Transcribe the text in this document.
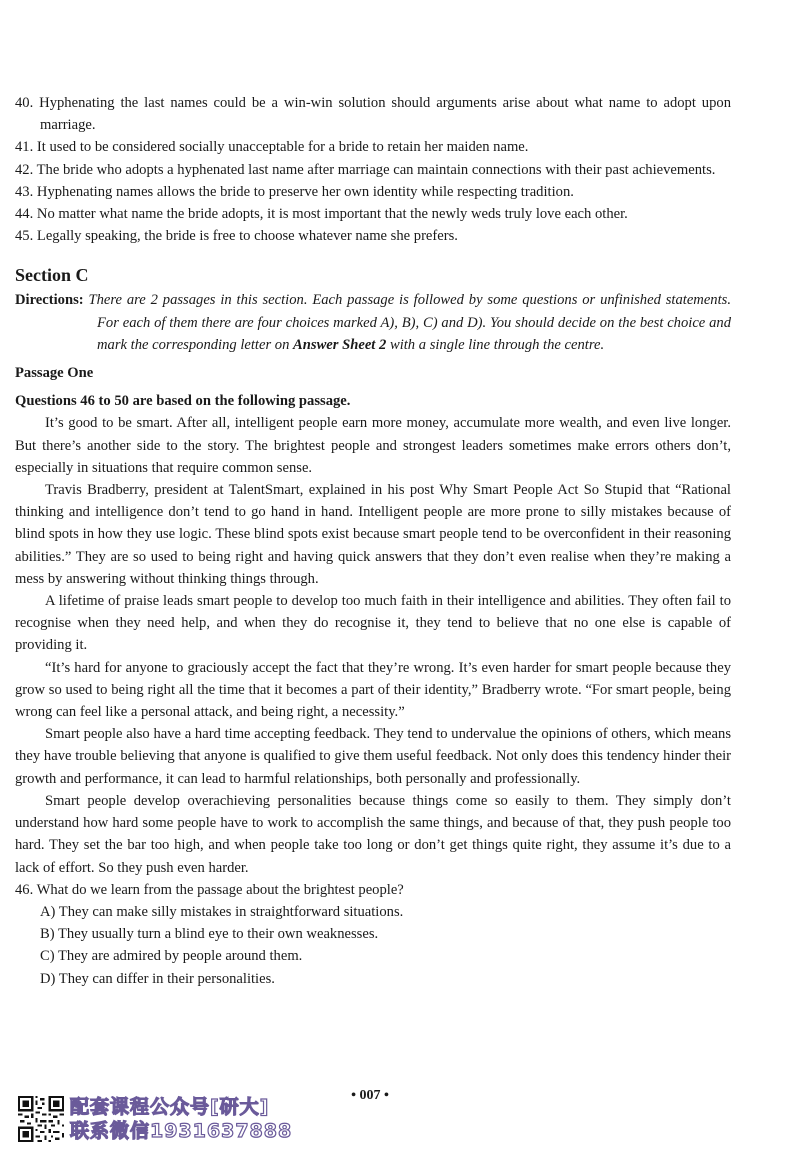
40. Hyphenating the last names could be a win-win solution should arguments arise about what name to adopt upon marriage.
41. It used to be considered socially unacceptable for a bride to retain her maiden name.
42. The bride who adopts a hyphenated last name after marriage can maintain connections with their past achievements.
43. Hyphenating names allows the bride to preserve her own identity while respecting tradition.
44. No matter what name the bride adopts, it is most important that the newly weds truly love each other.
45. Legally speaking, the bride is free to choose whatever name she prefers.
Section C
Directions: There are 2 passages in this section. Each passage is followed by some questions or unfinished statements. For each of them there are four choices marked A), B), C) and D). You should decide on the best choice and mark the corresponding letter on Answer Sheet 2 with a single line through the centre.
Passage One
Questions 46 to 50 are based on the following passage.
It’s good to be smart. After all, intelligent people earn more money, accumulate more wealth, and even live longer. But there’s another side to the story. The brightest people and strongest leaders sometimes make errors others don’t, especially in situations that require common sense.
Travis Bradberry, president at TalentSmart, explained in his post Why Smart People Act So Stupid that “Rational thinking and intelligence don’t tend to go hand in hand. Intelligent people are more prone to silly mistakes because of blind spots in how they use logic. These blind spots exist because smart people tend to be overconfident in their reasoning abilities.” They are so used to being right and having quick answers that they don’t even realise when they’re making a mess by answering without thinking things through.
A lifetime of praise leads smart people to develop too much faith in their intelligence and abilities. They often fail to recognise when they need help, and when they do recognise it, they tend to believe that no one else is capable of providing it.
“It’s hard for anyone to graciously accept the fact that they’re wrong. It’s even harder for smart people because they grow so used to being right all the time that it becomes a part of their identity,” Bradberry wrote. “For smart people, being wrong can feel like a personal attack, and being right, a necessity.”
Smart people also have a hard time accepting feedback. They tend to undervalue the opinions of others, which means they have trouble believing that anyone is qualified to give them useful feedback. Not only does this tendency hinder their growth and performance, it can lead to harmful relationships, both personally and professionally.
Smart people develop overachieving personalities because things come so easily to them. They simply don’t understand how hard some people have to work to accomplish the same things, and because of that, they push people too hard. They set the bar too high, and when people take too long or don’t get things quite right, they assume it’s due to a lack of effort. So they push even harder.
46. What do we learn from the passage about the brightest people?
A) They can make silly mistakes in straightforward situations.
B) They usually turn a blind eye to their own weaknesses.
C) They are admired by people around them.
D) They can differ in their personalities.
• 007 •
配套课程公众号[研大]
联系微信1931637888
